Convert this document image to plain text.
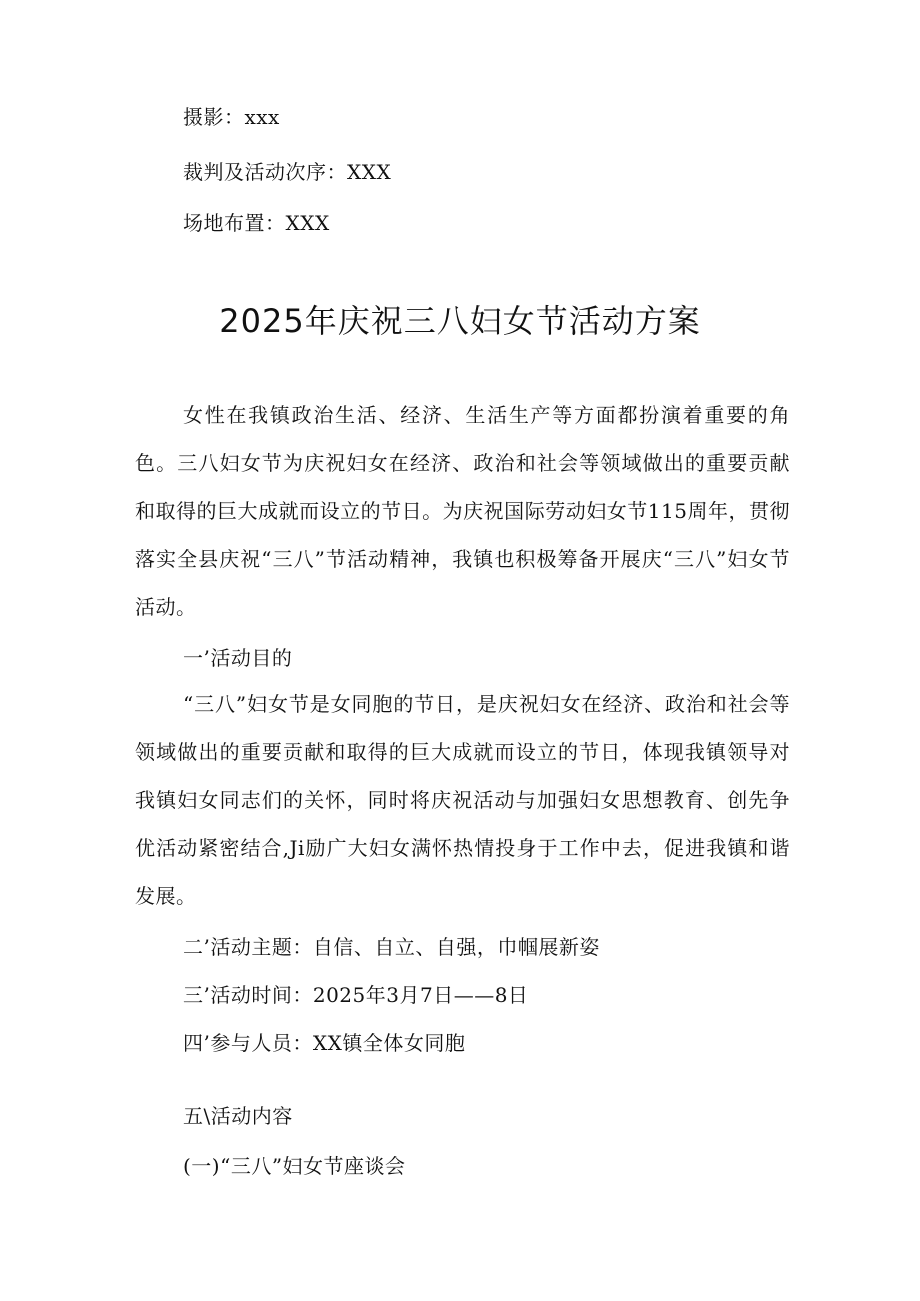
摄影：xxx
裁判及活动次序：XXX
场地布置：XXX
2025年庆祝三八妇女节活动方案
女性在我镇政治生活、经济、生活生产等方面都扮演着重要的角色。三八妇女节为庆祝妇女在经济、政治和社会等领域做出的重要贡献和取得的巨大成就而设立的节日。为庆祝国际劳动妇女节115周年，贯彻落实全县庆祝“三八”节活动精神，我镇也积极筹备开展庆“三八”妇女节活动。
一’活动目的
“三八”妇女节是女同胞的节日，是庆祝妇女在经济、政治和社会等领域做出的重要贡献和取得的巨大成就而设立的节日，体现我镇领导对我镇妇女同志们的关怀，同时将庆祝活动与加强妇女思想教育、创先争优活动紧密结合,Ji励广大妇女满怀热情投身于工作中去，促进我镇和谐发展。
二’活动主题：自信、自立、自强，巾帼展新姿
三’活动时间：2025年3月7日——8日
四’参与人员：XX镇全体女同胞
五\活动内容
(一)“三八”妇女节座谈会
